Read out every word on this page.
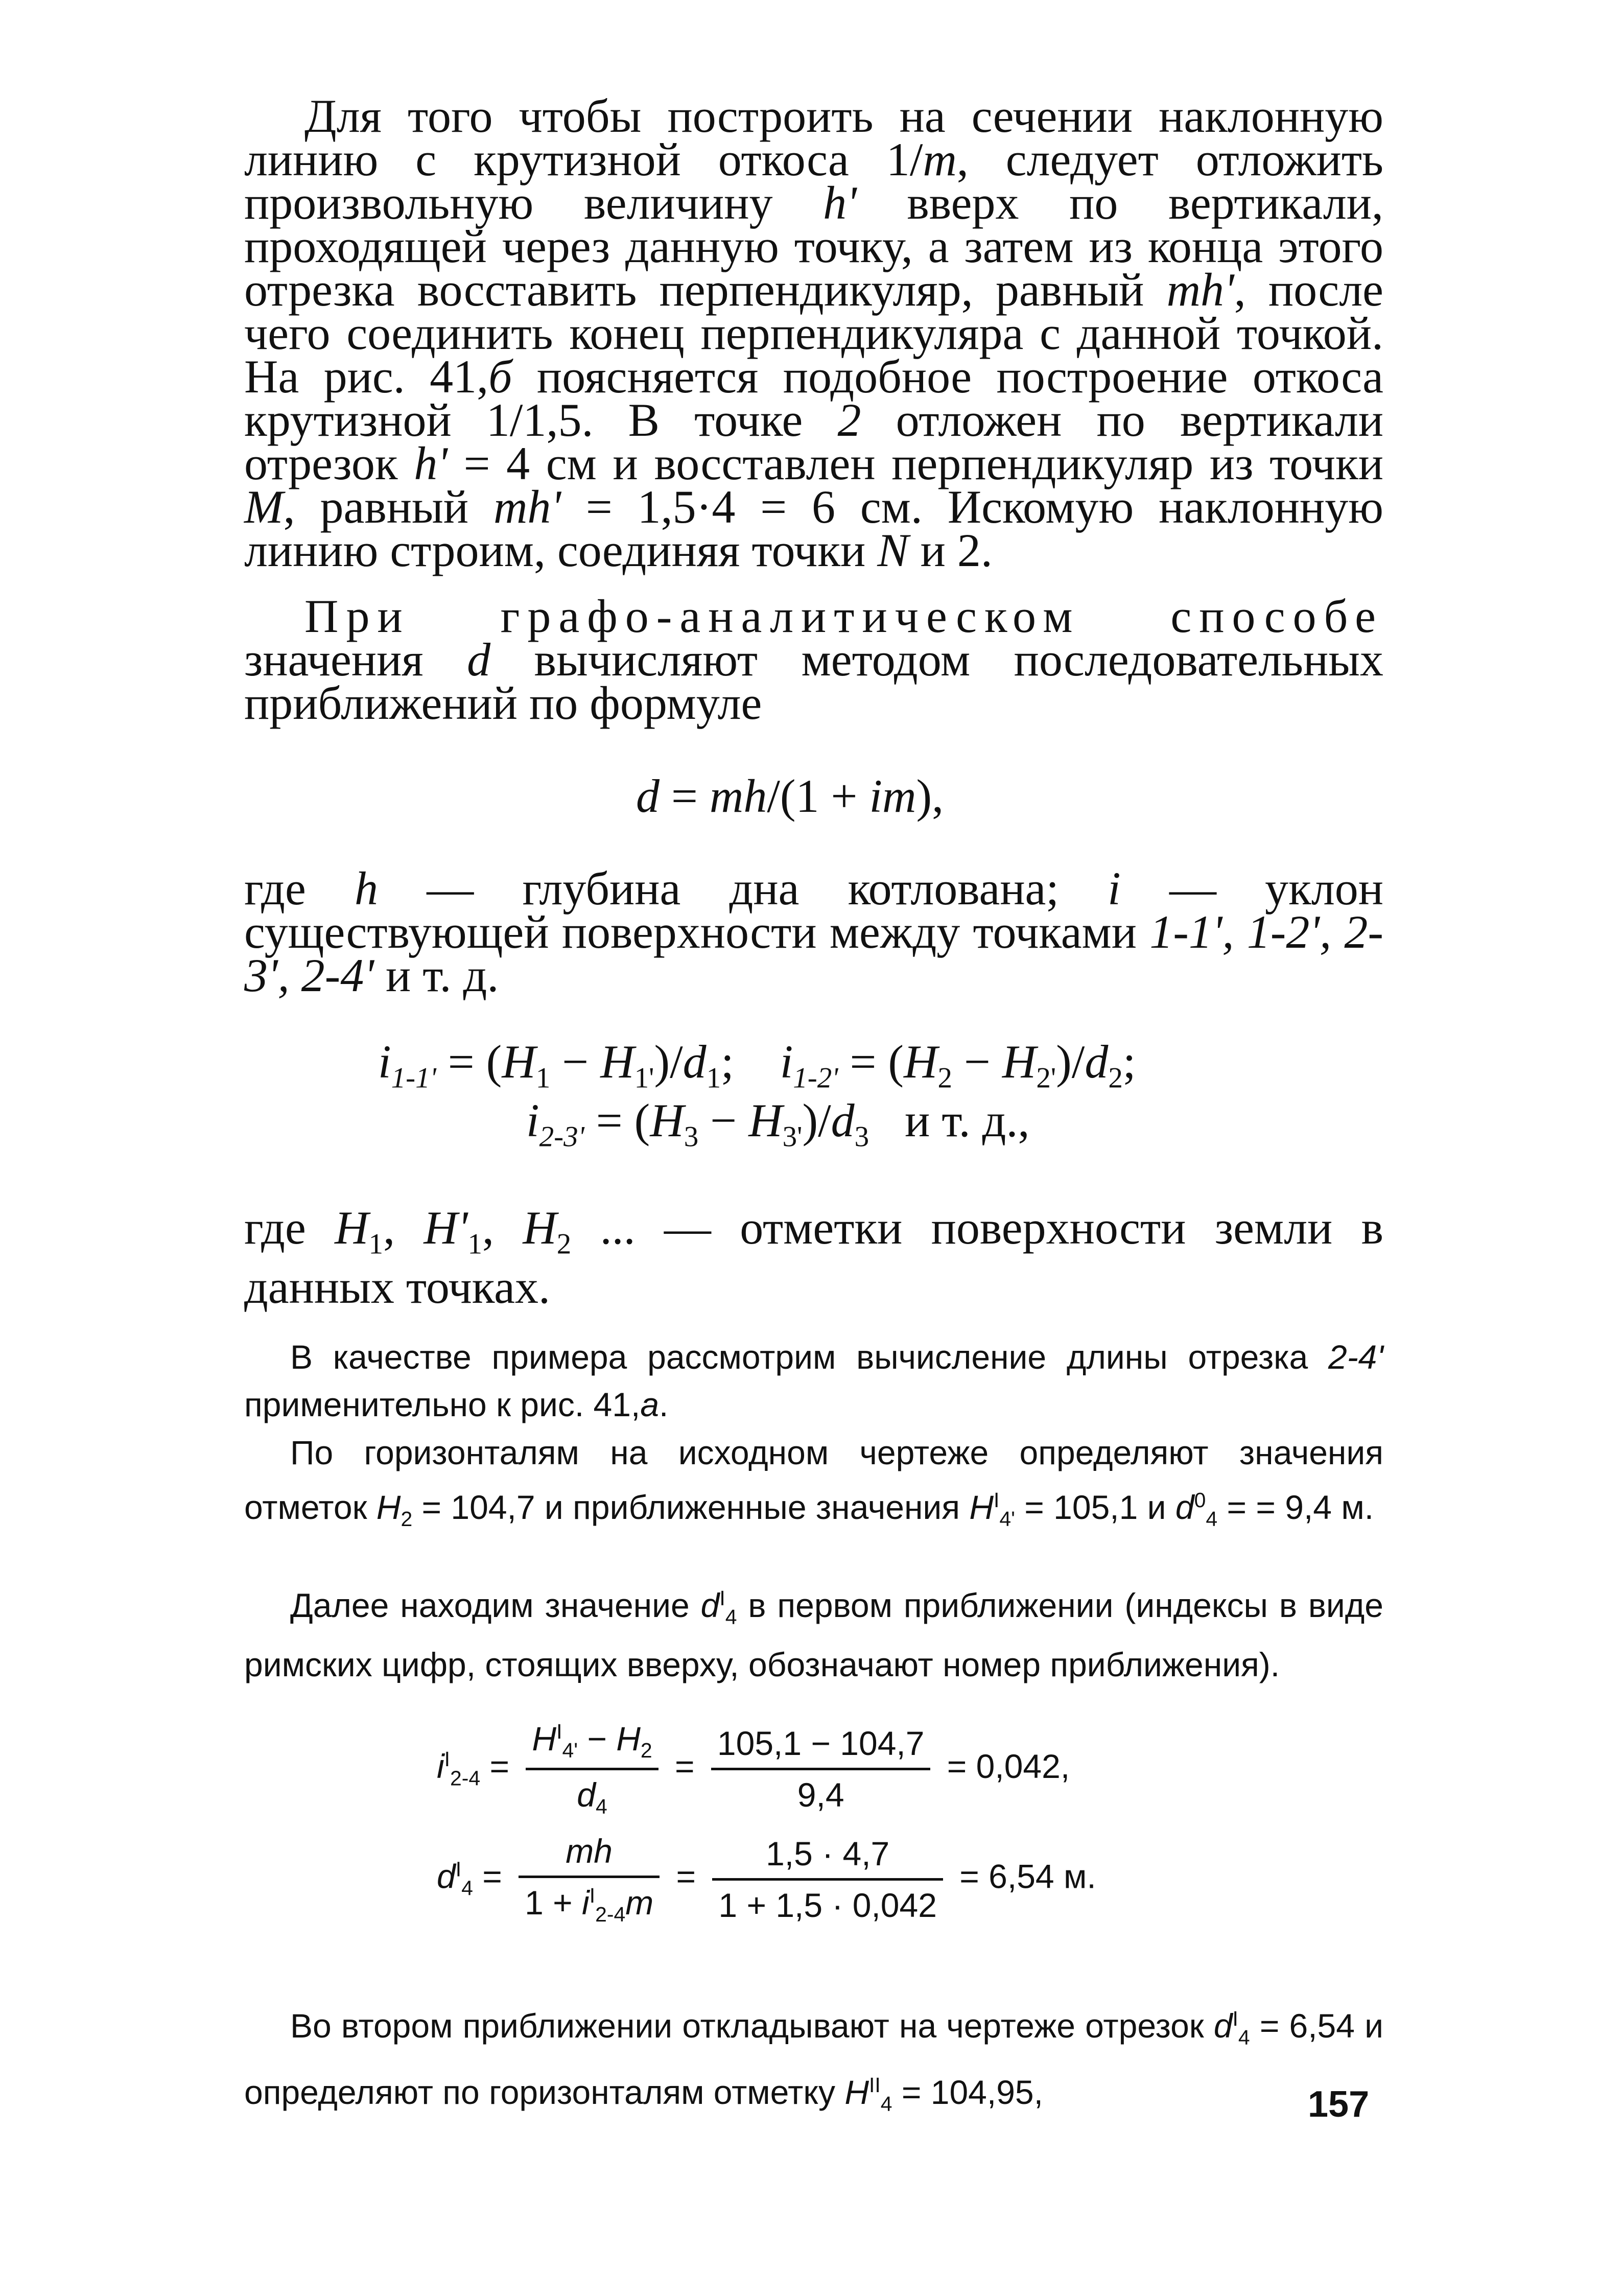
Для того чтобы построить на сечении наклонную линию с крутизной откоса 1/m, следует отложить произвольную величину h' вверх по вертикали, проходящей через данную точку, а затем из конца этого отрезка восставить перпендикуляр, равный mh', после чего соединить конец перпендикуляра с данной точкой. На рис. 41,б поясняется подобное построение откоса крутизной 1/1,5. В точке 2 отложен по вертикали отрезок h' = 4 см и восставлен перпендикуляр из точки M, равный mh' = 1,5·4 = 6 см. Искомую наклонную линию строим, соединяя точки N и 2.

При графо-аналитическом способе значения d вычисляют методом последовательных приближений по формуле

где h — глубина дна котлована; i — уклон существующей поверхности между точками 1-1', 1-2', 2-3', 2-4' и т. д.

где $H_1$, $H'_1$, $H_2$ ... — отметки поверхности земли в данных точках.

d = mh/(1 + im),
$i_{1-1'} = (H_1 - H_{1'})/d_1$; $i_{1-2'} = (H_2 - H_{2'})/d_2$;
$i_{2-3'} = (H_3 - H_{3'})/d_3$ и т. д.,

В качестве примера рассмотрим вычисление длины отрезка 2-4' применительно к рис. 41,а.

По горизонталям на исходном чертеже определяют значения отметок $H_2 = 104,7$ и приближенные значения $H^I_{4'} = 105,1$ и $d^0_4$ = = 9,4 м.

Далее находим значение $d^I_4$ в первом приближении (индексы в виде римских цифр, стоящих вверху, обозначают номер приближения).

Во втором приближении откладывают на чертеже отрезок $d^I_4 = 6,54$ и определяют по горизонталям отметку $H^{II}_4 = 104,95$,

$i^I_{2-4} = \frac{H^I_{4'} - H_2}{d_4} = \frac{105,1 - 104,7}{9,4} = 0,042$,
$d^I_4 = \frac{mh}{1 + i^I_{2-4}m} = \frac{1,5 \cdot 4,7}{1 + 1,5 \cdot 0,042} = 6,54$ м.
157
